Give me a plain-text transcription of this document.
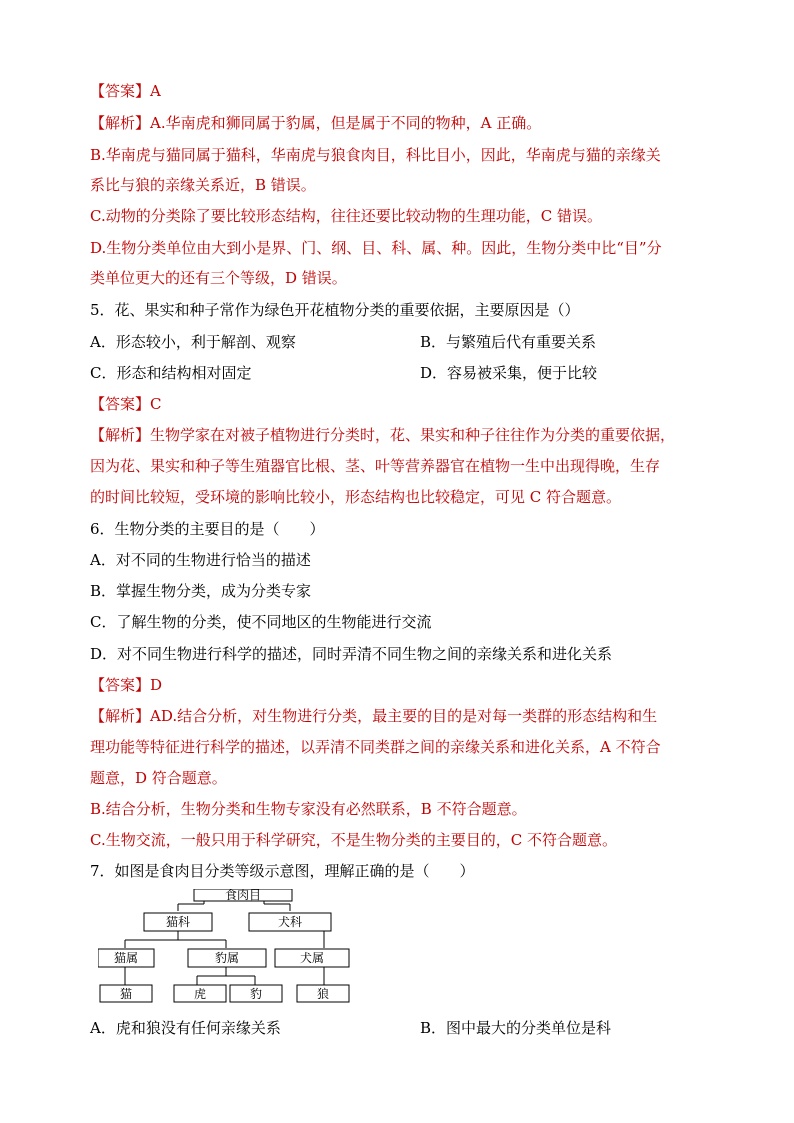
【答案】A
【解析】A.华南虎和狮同属于豹属，但是属于不同的物种，A 正确。
B.华南虎与猫同属于猫科，华南虎与狼食肉目，科比目小，因此，华南虎与猫的亲缘关
系比与狼的亲缘关系近，B 错误。
C.动物的分类除了要比较形态结构，往往还要比较动物的生理功能，C 错误。
D.生物分类单位由大到小是界、门、纲、目、科、属、种。因此，生物分类中比“目”分
类单位更大的还有三个等级，D 错误。
5．花、果实和种子常作为绿色开花植物分类的重要依据，主要原因是（）
A．形态较小，利于解剖、观察	B．与繁殖后代有重要关系
C．形态和结构相对固定	D．容易被采集，便于比较
【答案】C
【解析】生物学家在对被子植物进行分类时，花、果实和种子往往作为分类的重要依据，
因为花、果实和种子等生殖器官比根、茎、叶等营养器官在植物一生中出现得晚，生存
的时间比较短，受环境的影响比较小，形态结构也比较稳定，可见 C 符合题意。
6．生物分类的主要目的是（　　）
A．对不同的生物进行恰当的描述
B．掌握生物分类，成为分类专家
C．了解生物的分类，使不同地区的生物能进行交流
D．对不同生物进行科学的描述，同时弄清不同生物之间的亲缘关系和进化关系
【答案】D
【解析】AD.结合分析，对生物进行分类，最主要的目的是对每一类群的形态结构和生
理功能等特征进行科学的描述，以弄清不同类群之间的亲缘关系和进化关系，A 不符合
题意，D 符合题意。
B.结合分析，生物分类和生物专家没有必然联系，B 不符合题意。
C.生物交流，一般只用于科学研究，不是生物分类的主要目的，C 不符合题意。
7．如图是食肉目分类等级示意图，理解正确的是（　　）
食肉目
猫科	犬科
猫属	豹属	犬属
猫	虎	豹	狼
A．虎和狼没有任何亲缘关系	B．图中最大的分类单位是科
